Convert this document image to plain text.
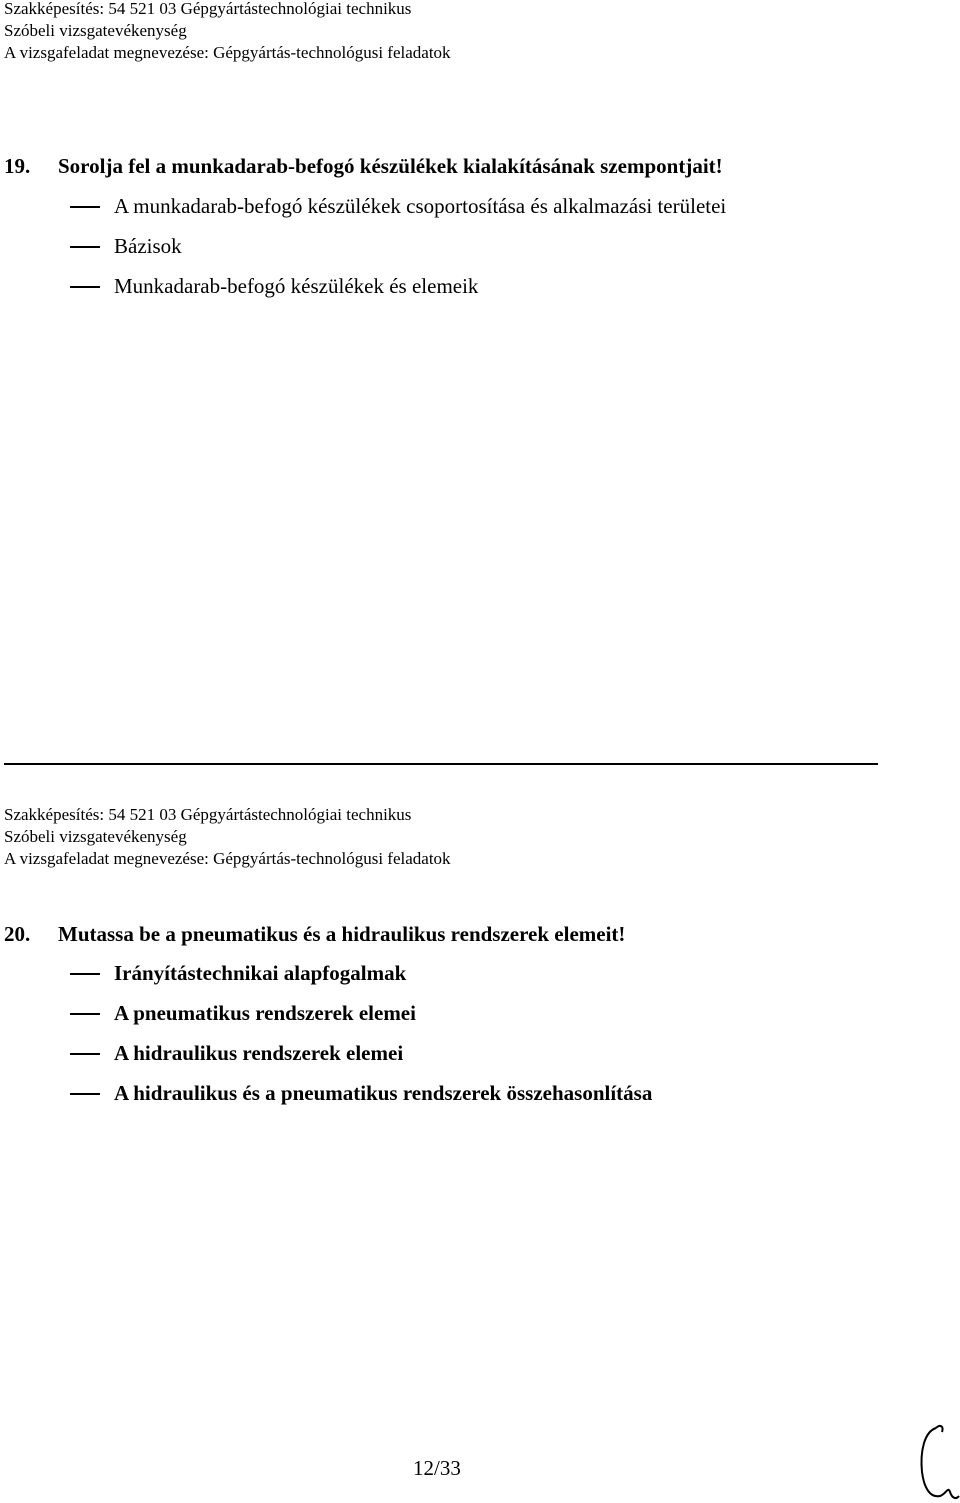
Szakképesítés: 54 521 03 Gépgyártástechnológiai technikus
Szóbeli vizsgatevékenység
A vizsgafeladat megnevezése: Gépgyártás-technológusi feladatok
19. Sorolja fel a munkadarab-befogó készülékek kialakításának szempontjait!
A munkadarab-befogó készülékek csoportosítása és alkalmazási területei
Bázisok
Munkadarab-befogó készülékek és elemeik
Szakképesítés: 54 521 03 Gépgyártástechnológiai technikus
Szóbeli vizsgatevékenység
A vizsgafeladat megnevezése: Gépgyártás-technológusi feladatok
20. Mutassa be a pneumatikus és a hidraulikus rendszerek elemeit!
Irányítástechnikai alapfogalmak
A pneumatikus rendszerek elemei
A hidraulikus rendszerek elemei
A hidraulikus és a pneumatikus rendszerek összehasonlítása
12/33
